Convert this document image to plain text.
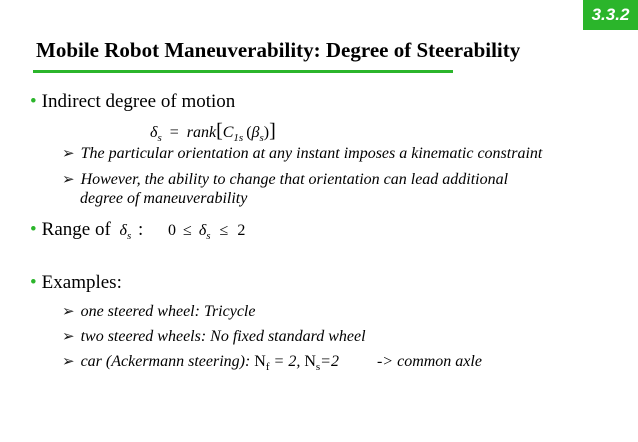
3.3.2
Mobile Robot Maneuverability: Degree of Steerability
• Indirect degree of motion
$\delta_s$ = $rank[C_{1s}$ $(\beta_s)$]
➢ The particular orientation at any instant imposes a kinematic constraint
➢ However, the ability to change that orientation can lead additional
degree of maneuverability
• Range of $\delta_s$ : $0 \le \delta_s \le 2$
• Examples:
➢ one steered wheel: Tricycle
➢ two steered wheels: No fixed standard wheel
➢ car (Ackermann steering): $N_f = 2$, $N_s=2$ -> common axle
